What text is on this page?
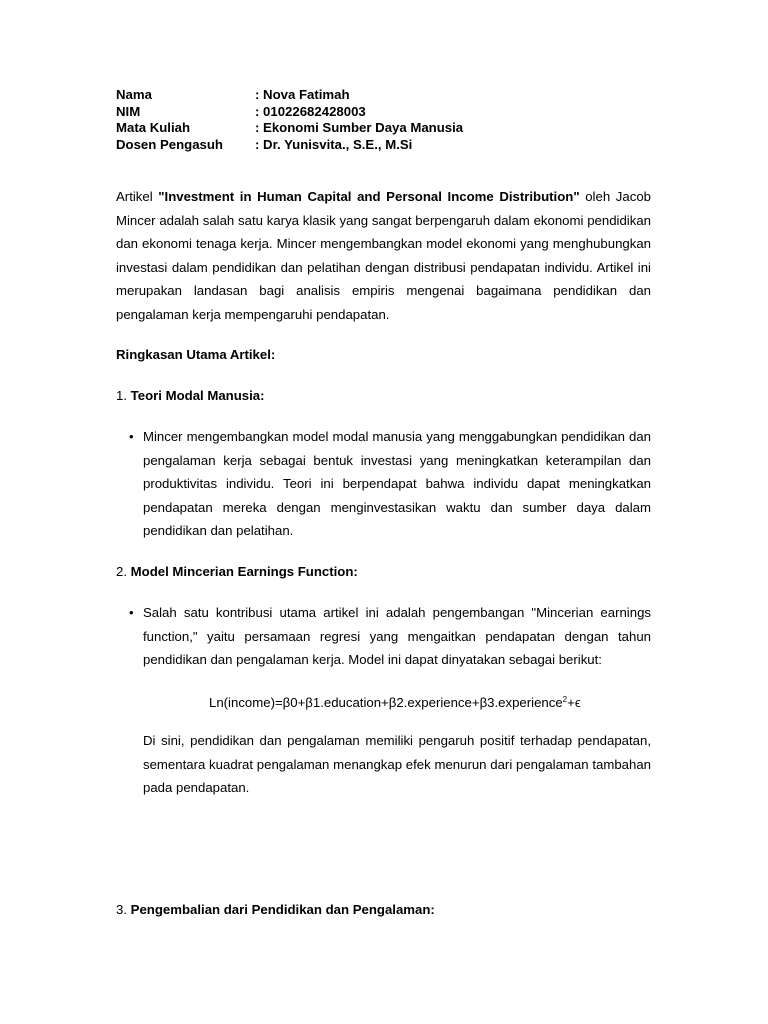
Nama	: Nova Fatimah
NIM	: 01022682428003
Mata Kuliah	: Ekonomi Sumber Daya Manusia
Dosen Pengasuh	: Dr. Yunisvita., S.E., M.Si
Artikel "Investment in Human Capital and Personal Income Distribution" oleh Jacob Mincer adalah salah satu karya klasik yang sangat berpengaruh dalam ekonomi pendidikan dan ekonomi tenaga kerja. Mincer mengembangkan model ekonomi yang menghubungkan investasi dalam pendidikan dan pelatihan dengan distribusi pendapatan individu. Artikel ini merupakan landasan bagi analisis empiris mengenai bagaimana pendidikan dan pengalaman kerja mempengaruhi pendapatan.
Ringkasan Utama Artikel:
1. Teori Modal Manusia:
• Mincer mengembangkan model modal manusia yang menggabungkan pendidikan dan pengalaman kerja sebagai bentuk investasi yang meningkatkan keterampilan dan produktivitas individu. Teori ini berpendapat bahwa individu dapat meningkatkan pendapatan mereka dengan menginvestasikan waktu dan sumber daya dalam pendidikan dan pelatihan.
2. Model Mincerian Earnings Function:
• Salah satu kontribusi utama artikel ini adalah pengembangan "Mincerian earnings function," yaitu persamaan regresi yang mengaitkan pendapatan dengan tahun pendidikan dan pengalaman kerja. Model ini dapat dinyatakan sebagai berikut:
Ln(income)=β0+β1.education+β2.experience+β3.experience$^2$+ϵ
Di sini, pendidikan dan pengalaman memiliki pengaruh positif terhadap pendapatan, sementara kuadrat pengalaman menangkap efek menurun dari pengalaman tambahan pada pendapatan.
3. Pengembalian dari Pendidikan dan Pengalaman:
